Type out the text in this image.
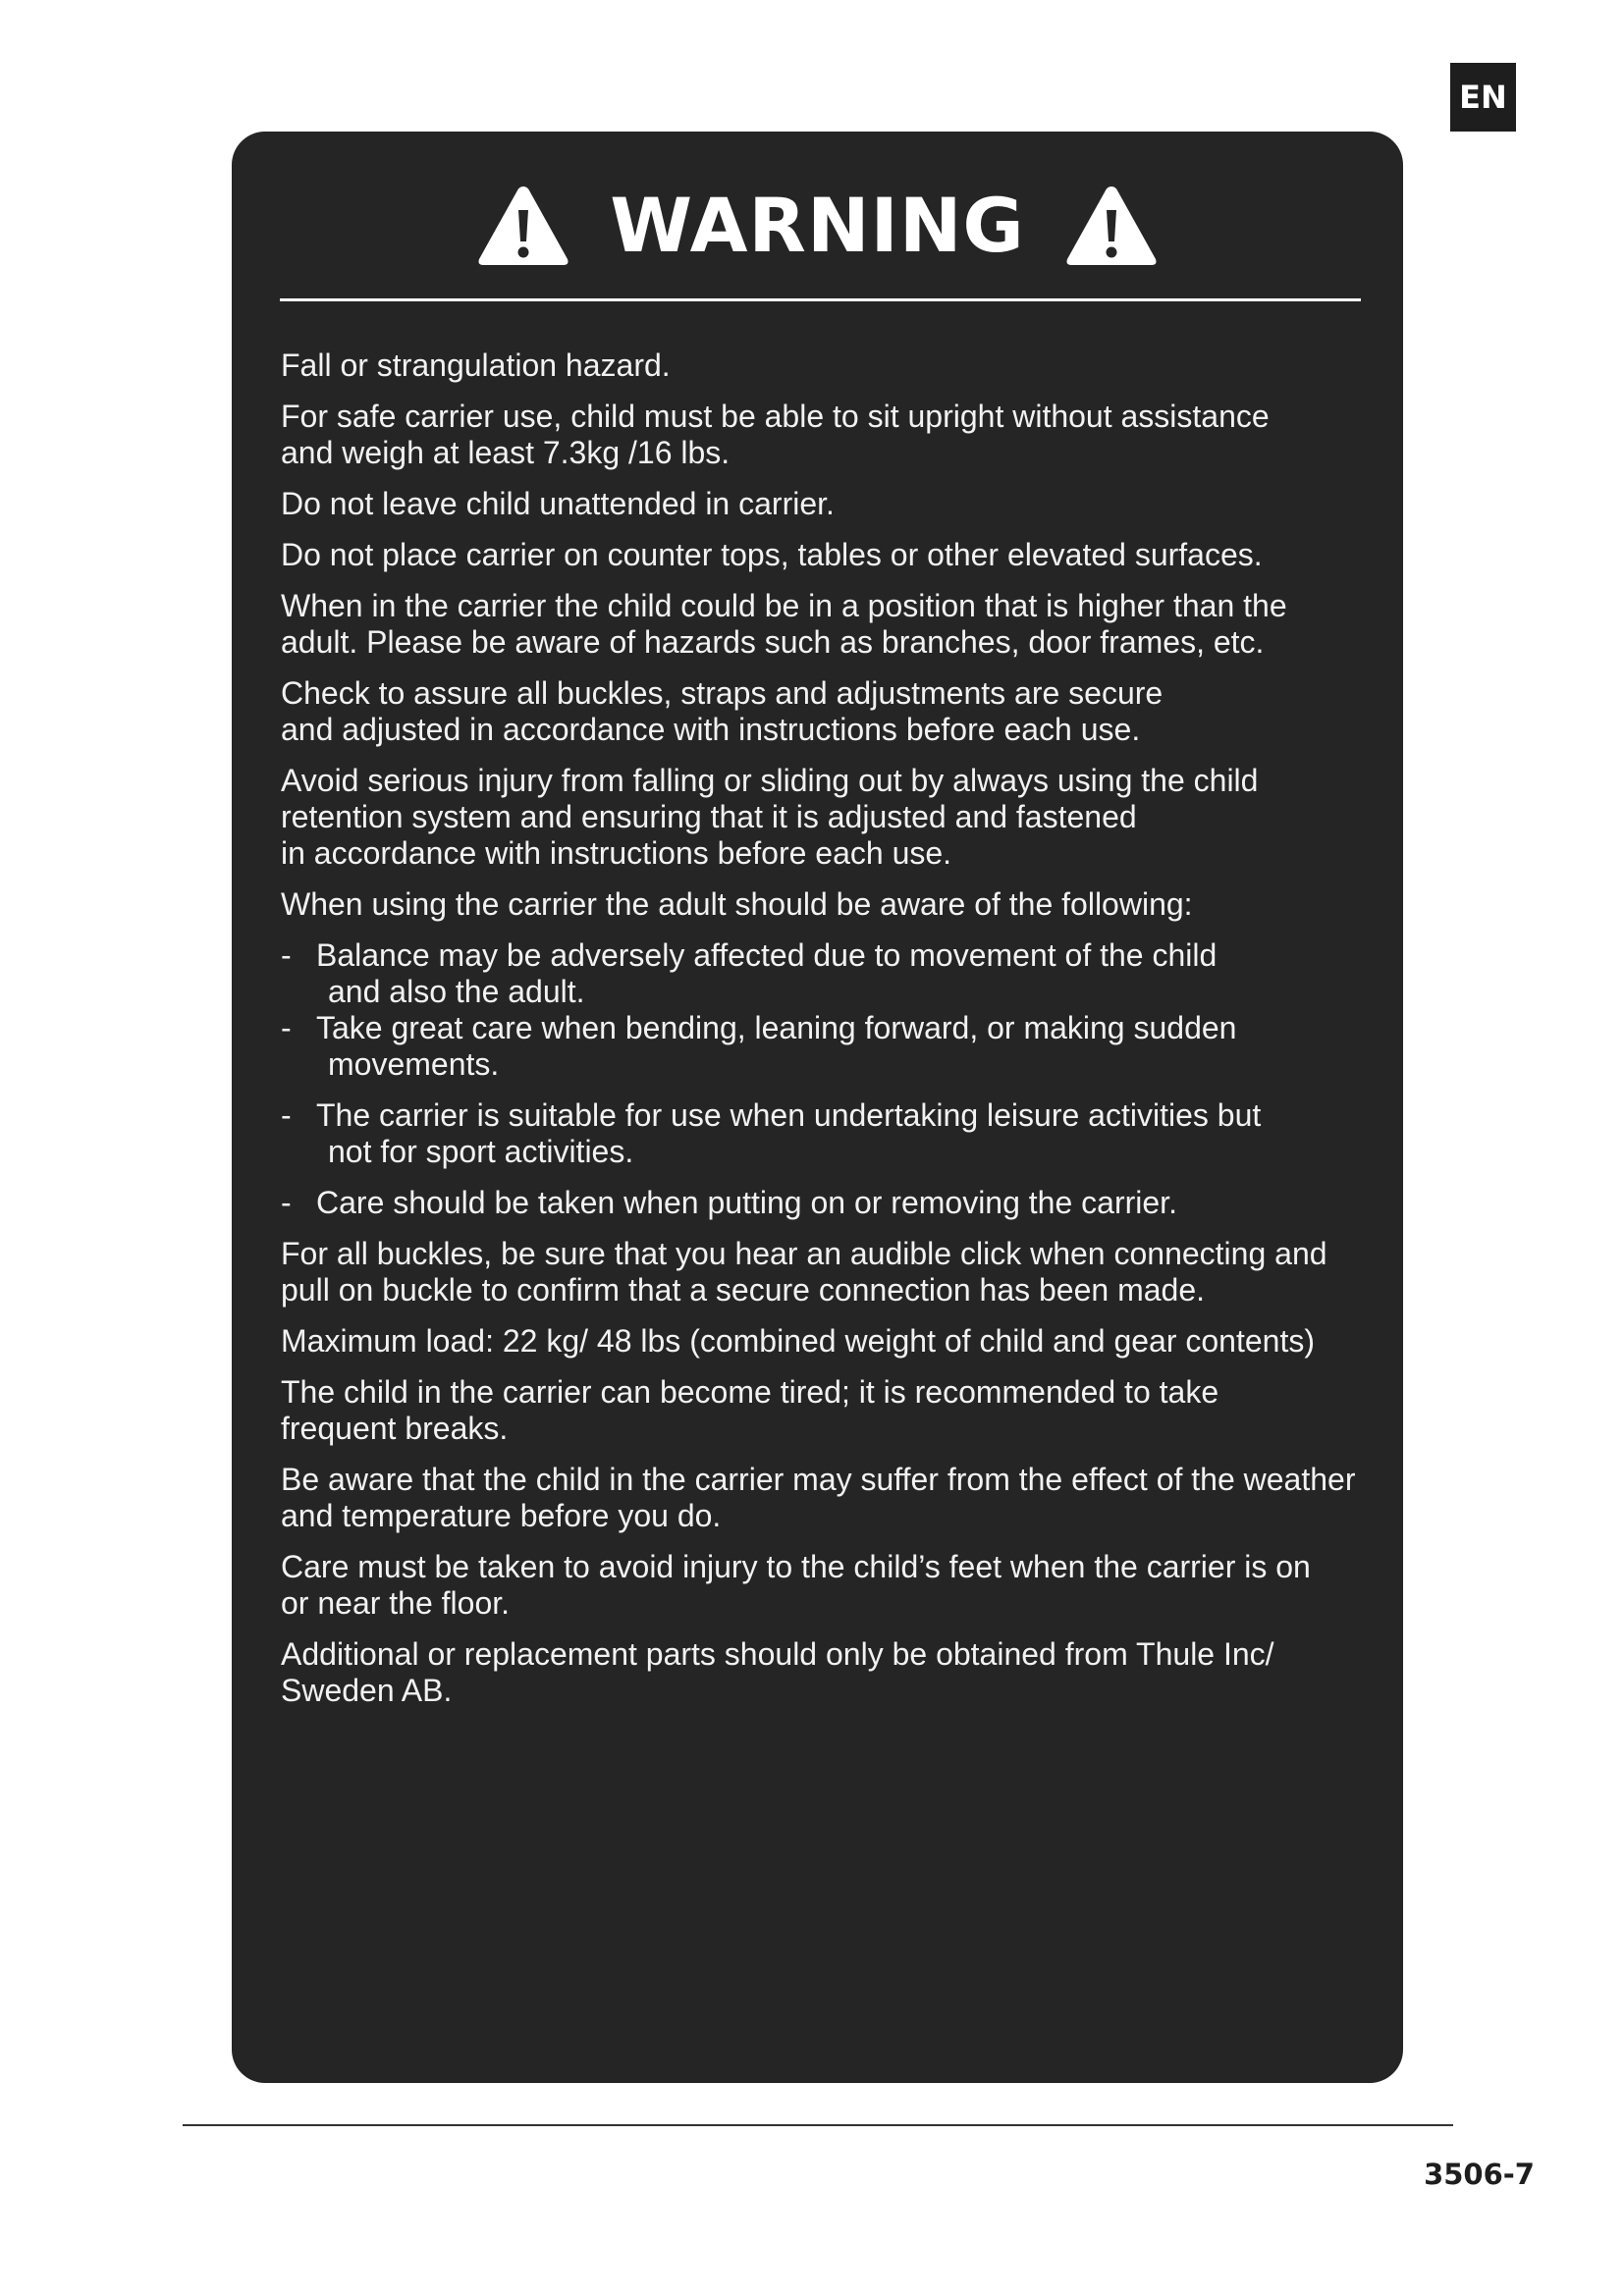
EN
WARNING
Fall or strangulation hazard.
For safe carrier use, child must be able to sit upright without assistance
and weigh at least 7.3kg /16 lbs.
Do not leave child unattended in carrier.
Do not place carrier on counter tops, tables or other elevated surfaces.
When in the carrier the child could be in a position that is higher than the
adult. Please be aware of hazards such as branches, door frames, etc.
Check to assure all buckles, straps and adjustments are secure
and adjusted in accordance with instructions before each use.
Avoid serious injury from falling or sliding out by always using the child
retention system and ensuring that it is adjusted and fastened
in accordance with instructions before each use.
When using the carrier the adult should be aware of the following:
- Balance may be adversely affected due to movement of the child
and also the adult.
- Take great care when bending, leaning forward, or making sudden
movements.
- The carrier is suitable for use when undertaking leisure activities but
not for sport activities.
- Care should be taken when putting on or removing the carrier.
For all buckles, be sure that you hear an audible click when connecting and
pull on buckle to confirm that a secure connection has been made.
Maximum load: 22 kg/ 48 lbs (combined weight of child and gear contents)
The child in the carrier can become tired; it is recommended to take
frequent breaks.
Be aware that the child in the carrier may suffer from the effect of the weather
and temperature before you do.
Care must be taken to avoid injury to the child’s feet when the carrier is on
or near the floor.
Additional or replacement parts should only be obtained from Thule Inc/
Sweden AB.
3506-7
